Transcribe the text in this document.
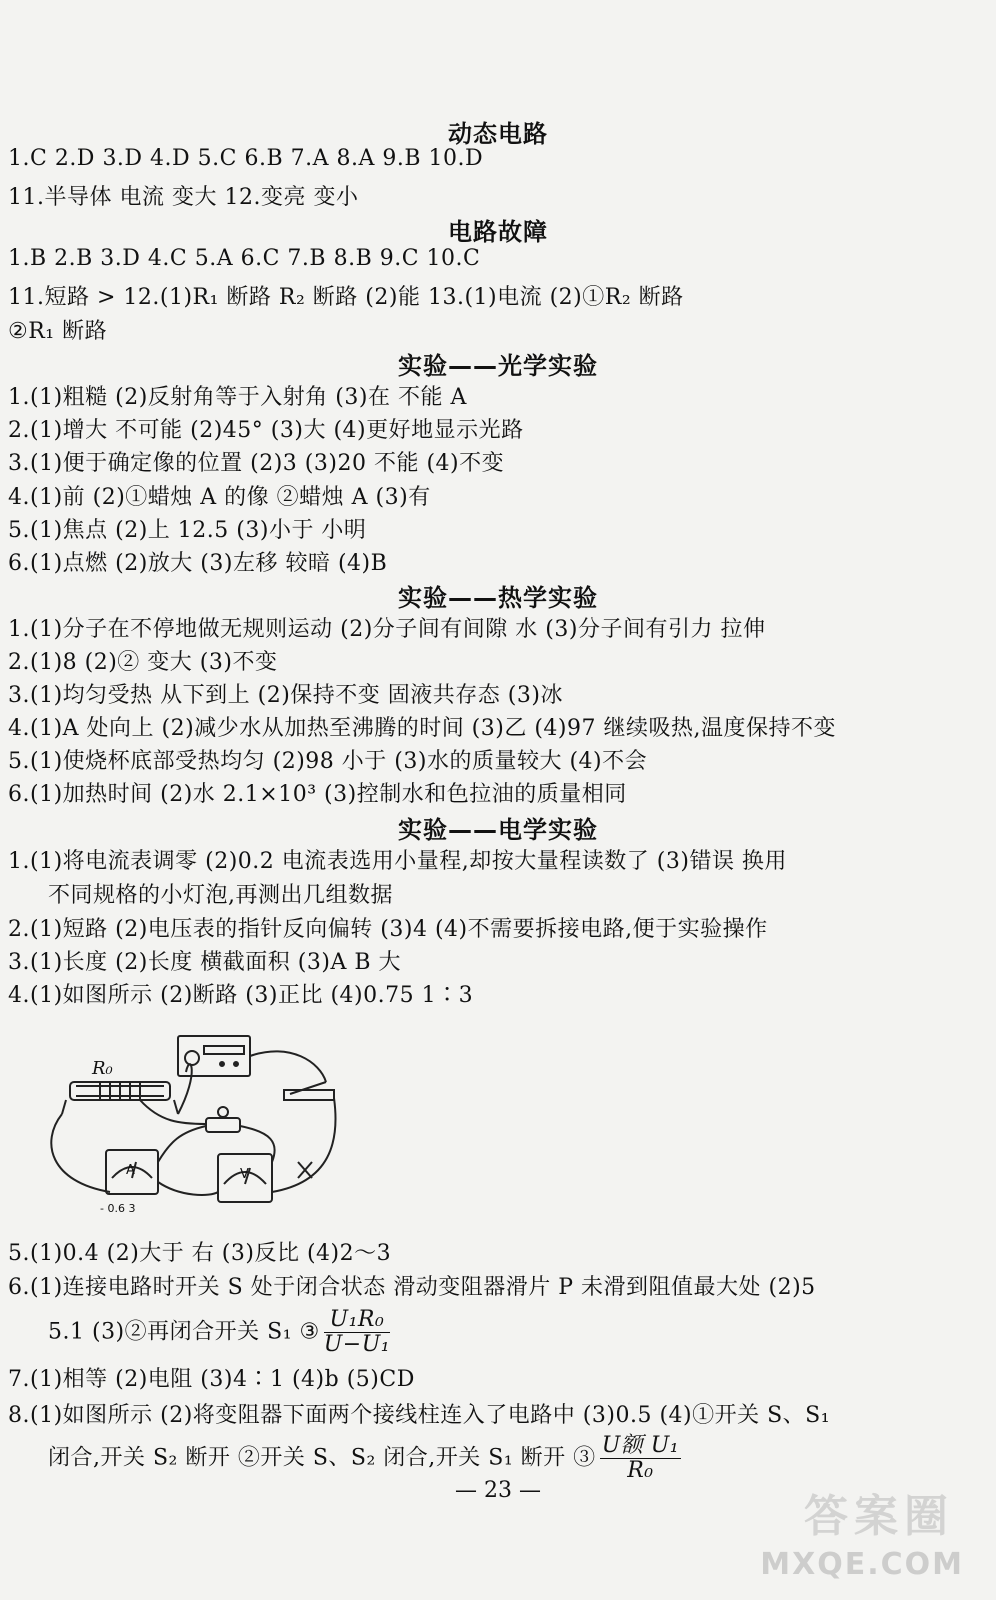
动态电路
1.C 2.D 3.D 4.D 5.C 6.B 7.A 8.A 9.B 10.D
11.半导体 电流 变大 12.变亮 变小
电路故障
1.B 2.B 3.D 4.C 5.A 6.C 7.B 8.B 9.C 10.C
11.短路 > 12.(1)R₁ 断路 R₂ 断路 (2)能 13.(1)电流 (2)①R₂ 断路
②R₁ 断路
实验——光学实验
1.(1)粗糙 (2)反射角等于入射角 (3)在 不能 A
2.(1)增大 不可能 (2)45° (3)大 (4)更好地显示光路
3.(1)便于确定像的位置 (2)3 (3)20 不能 (4)不变
4.(1)前 (2)①蜡烛 A 的像 ②蜡烛 A (3)有
5.(1)焦点 (2)上 12.5 (3)小于 小明
6.(1)点燃 (2)放大 (3)左移 较暗 (4)B
实验——热学实验
1.(1)分子在不停地做无规则运动 (2)分子间有间隙 水 (3)分子间有引力 拉伸
2.(1)8 (2)② 变大 (3)不变
3.(1)均匀受热 从下到上 (2)保持不变 固液共存态 (3)冰
4.(1)A 处向上 (2)减少水从加热至沸腾的时间 (3)乙 (4)97 继续吸热,温度保持不变
5.(1)使烧杯底部受热均匀 (2)98 小于 (3)水的质量较大 (4)不会
6.(1)加热时间 (2)水 2.1×10³ (3)控制水和色拉油的质量相同
实验——电学实验
1.(1)将电流表调零 (2)0.2 电流表选用小量程,却按大量程读数了 (3)错误 换用
不同规格的小灯泡,再测出几组数据
2.(1)短路 (2)电压表的指针反向偏转 (3)4 (4)不需要拆接电路,便于实验操作
3.(1)长度 (2)长度 横截面积 (3)A B 大
4.(1)如图所示 (2)断路 (3)正比 (4)0.75 1∶3
R₀
A	V
- 0.6 3
5.(1)0.4 (2)大于 右 (3)反比 (4)2～3
6.(1)连接电路时开关 S 处于闭合状态 滑动变阻器滑片 P 未滑到阻值最大处 (2)5
5.1 (3)②再闭合开关 S₁ ③ $\frac{\text{U₁R₀}}{\text{U−U₁}}$
7.(1)相等 (2)电阻 (3)4∶1 (4)b (5)CD
8.(1)如图所示 (2)将变阻器下面两个接线柱连入了电路中 (3)0.5 (4)①开关 S、S₁
闭合,开关 S₂ 断开 ②开关 S、S₂ 闭合,开关 S₁ 断开 ③ $\frac{\text{U额 U₁}}{\text{R₀}}$
— 23 —
答案圈
MXQE.COM
